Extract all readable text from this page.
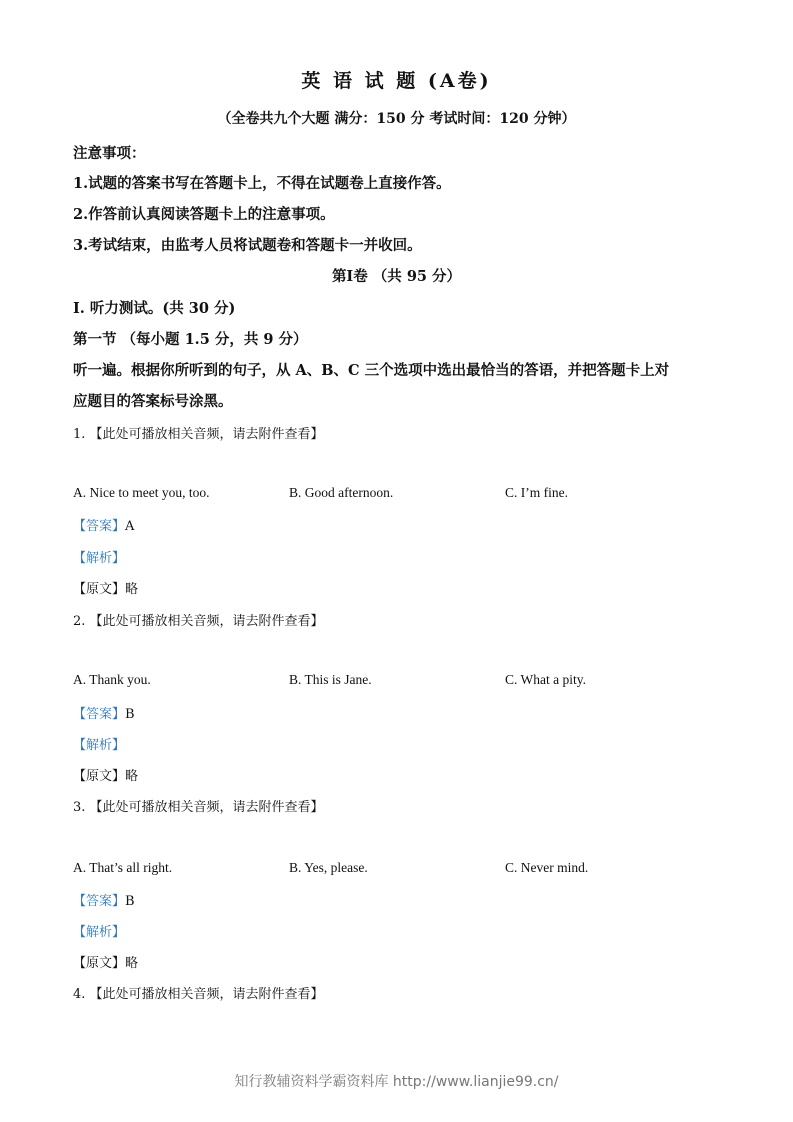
英 语 试 题 (A卷)
（全卷共九个大题 满分：150 分 考试时间：120 分钟）
注意事项：
1.试题的答案书写在答题卡上，不得在试题卷上直接作答。
2.作答前认真阅读答题卡上的注意事项。
3.考试结束，由监考人员将试题卷和答题卡一并收回。
第Ⅰ卷 （共 95 分）
Ⅰ. 听力测试。(共 30 分)
第一节 （每小题 1.5 分，共 9 分）
听一遍。根据你所听到的句子，从 A、B、C 三个选项中选出最恰当的答语，并把答题卡上对
应题目的答案标号涂黑。
1. 【此处可播放相关音频，请去附件查看】
A. Nice to meet you, too.	B. Good afternoon.	C. I’m fine.
【答案】A
【解析】
【原文】略
2. 【此处可播放相关音频，请去附件查看】
A. Thank you.	B. This is Jane.	C. What a pity.
【答案】B
【解析】
【原文】略
3. 【此处可播放相关音频，请去附件查看】
A. That’s all right.	B. Yes, please.	C. Never mind.
【答案】B
【解析】
【原文】略
4. 【此处可播放相关音频，请去附件查看】
知行教辅资料学霸资料库 http://www.lianjie99.cn/
